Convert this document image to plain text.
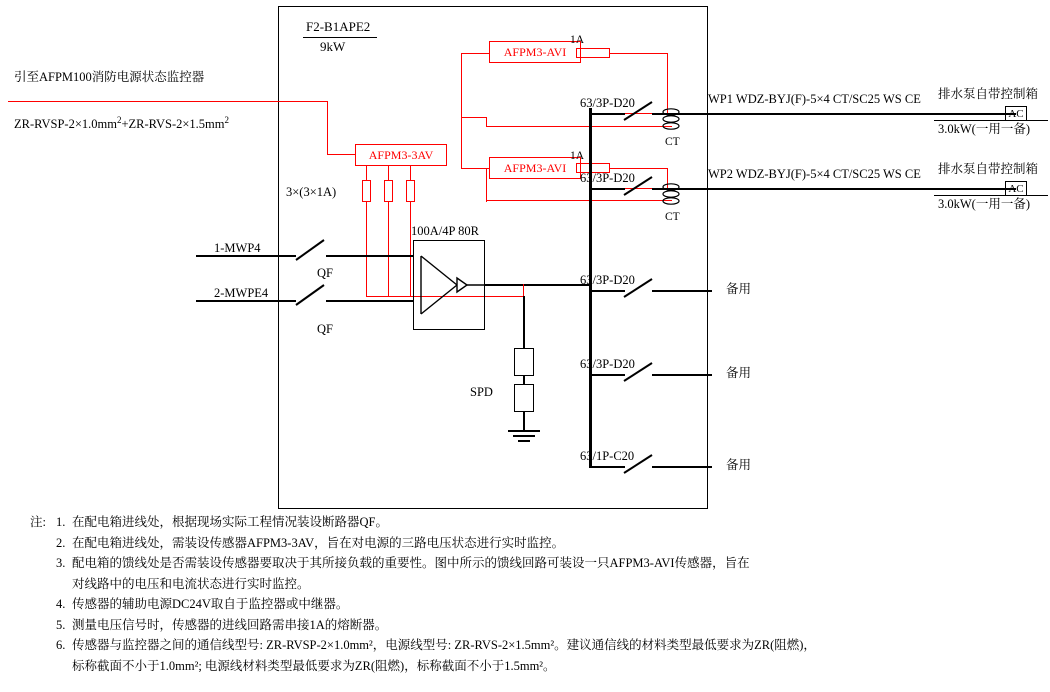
F2-B1APE2
9kW
引至AFPM100消防电源状态监控器
$ZR-RVSP-2\times 1.0mm^2+ZR-RVS-2\times 1.5mm^2$
AFPM3-3AV
3×(3×1A)
AFPM3-AVI
1A
AFPM3-AVI
1A
1-MWP4
2-MWPE4
QF
QF
100A/4P 80R
SPD
63/3P-D20
CT
WP1 WDZ-BYJ(F)-5×4 CT/SC25 WS CE
AC
排水泵自带控制箱
3.0kW(一用一备)
63/3P-D20
CT
WP2 WDZ-BYJ(F)-5×4 CT/SC25 WS CE
AC
排水泵自带控制箱
3.0kW(一用一备)
63/3P-D20
备用
63/3P-D20
备用
63/1P-C20
备用
注: 1. 在配电箱进线处，根据现场实际工程情况装设断路器QF。
2. 在配电箱进线处，需装设传感器AFPM3-3AV，旨在对电源的三路电压状态进行实时监控。
3. 配电箱的馈线处是否需装设传感器要取决于其所接负载的重要性。图中所示的馈线回路可装设一只AFPM3-AVI传感器，旨在
对线路中的电压和电流状态进行实时监控。
4. 传感器的辅助电源DC24V取自于监控器或中继器。
5. 测量电压信号时，传感器的进线回路需串接1A的熔断器。
6. 传感器与监控器之间的通信线型号: ZR-RVSP-2×1.0mm²，电源线型号: ZR-RVS-2×1.5mm²。建议通信线的材料类型最低要求为ZR(阻燃)，
标称截面不小于1.0mm²; 电源线材料类型最低要求为ZR(阻燃)，标称截面不小于1.5mm²。
